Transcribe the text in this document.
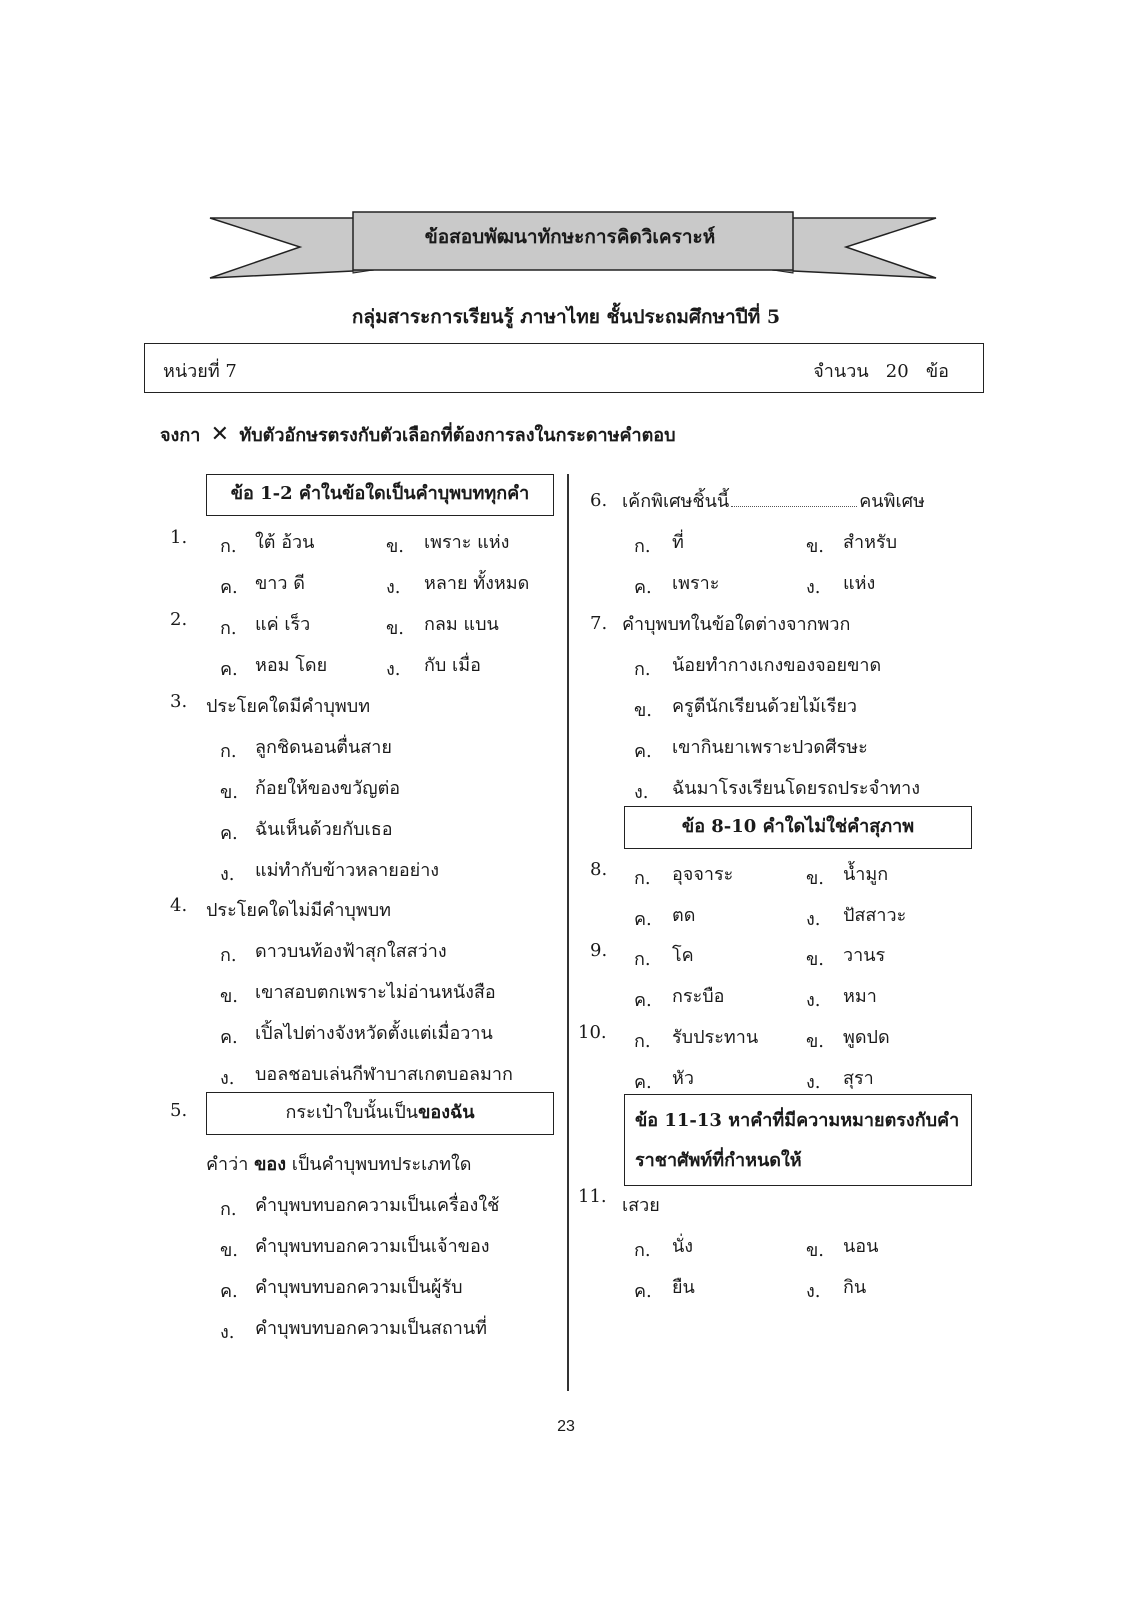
ข้อสอบพัฒนาทักษะการคิดวิเคราะห์
กลุ่มสาระการเรียนรู้ ภาษาไทย ชั้นประถมศึกษาปีที่ 5
หน่วยที่ 7	จำนวน 20 ข้อ
จงกา ✕ ทับตัวอักษรตรงกับตัวเลือกที่ต้องการลงในกระดาษคำตอบ
ข้อ 1-2 คำในข้อใดเป็นคำบุพบททุกคำ
1. ก. ใต้ อ้วน	ข. เพราะ แห่ง
ค. ขาว ดี	ง. หลาย ทั้งหมด
2. ก. แค่ เร็ว	ข. กลม แบน
ค. หอม โดย	ง. กับ เมื่อ
3. ประโยคใดมีคำบุพบท
ก. ลูกชิดนอนตื่นสาย
ข. ก้อยให้ของขวัญต่อ
ค. ฉันเห็นด้วยกับเธอ
ง. แม่ทำกับข้าวหลายอย่าง
4. ประโยคใดไม่มีคำบุพบท
ก. ดาวบนท้องฟ้าสุกใสสว่าง
ข. เขาสอบตกเพราะไม่อ่านหนังสือ
ค. เปิ้ลไปต่างจังหวัดตั้งแต่เมื่อวาน
ง. บอลชอบเล่นกีฬาบาสเกตบอลมาก
5.	กระเป๋าใบนั้นเป็นของฉัน
คำว่า ของ เป็นคำบุพบทประเภทใด
ก. คำบุพบทบอกความเป็นเครื่องใช้
ข. คำบุพบทบอกความเป็นเจ้าของ
ค. คำบุพบทบอกความเป็นผู้รับ
ง. คำบุพบทบอกความเป็นสถานที่
6. เค้กพิเศษชิ้นนี้	คนพิเศษ
ก. ที่	ข. สำหรับ
ค. เพราะ	ง. แห่ง
7. คำบุพบทในข้อใดต่างจากพวก
ก. น้อยทำกางเกงของจอยขาด
ข. ครูตีนักเรียนด้วยไม้เรียว
ค. เขากินยาเพราะปวดศีรษะ
ง. ฉันมาโรงเรียนโดยรถประจำทาง
ข้อ 8-10 คำใดไม่ใช่คำสุภาพ
8. ก. อุจจาระ	ข. น้ำมูก
ค. ตด	ง. ปัสสาวะ
9. ก. โค	ข. วานร
ค. กระบือ	ง. หมา
10. ก. รับประทาน	ข. พูดปด
ค. หัว	ง. สุรา
ข้อ 11-13 หาคำที่มีความหมายตรงกับคำ
ราชาศัพท์ที่กำหนดให้
11. เสวย
ก. นั่ง	ข. นอน
ค. ยืน	ง. กิน
23
